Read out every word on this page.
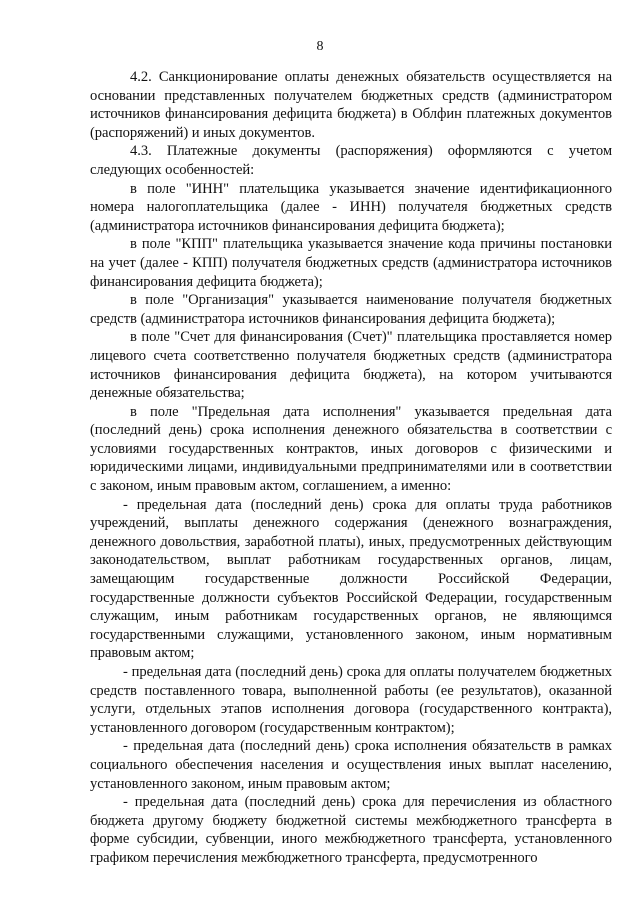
8

4.2. Санкционирование оплаты денежных обязательств осуществляется на основании представленных получателем бюджетных средств (администратором источников финансирования дефицита бюджета) в Облфин платежных документов (распоряжений) и иных документов.

4.3. Платежные документы (распоряжения) оформляются с учетом следующих особенностей:

в поле "ИНН" плательщика указывается значение идентификационного номера налогоплательщика (далее - ИНН) получателя бюджетных средств (администратора источников финансирования дефицита бюджета);

в поле "КПП" плательщика указывается значение кода причины постановки на учет (далее - КПП) получателя бюджетных средств (администратора источников финансирования дефицита бюджета);

в поле "Организация" указывается наименование получателя бюджетных средств (администратора источников финансирования дефицита бюджета);

в поле "Счет для финансирования (Счет)" плательщика проставляется номер лицевого счета соответственно получателя бюджетных средств (администратора источников финансирования дефицита бюджета), на котором учитываются денежные обязательства;

в поле "Предельная дата исполнения" указывается предельная дата (последний день) срока исполнения денежного обязательства в соответствии с условиями государственных контрактов, иных договоров с физическими и юридическими лицами, индивидуальными предпринимателями или в соответствии с законом, иным правовым актом, соглашением, а именно:

- предельная дата (последний день) срока для оплаты труда работников учреждений, выплаты денежного содержания (денежного вознаграждения, денежного довольствия, заработной платы), иных, предусмотренных действующим законодательством, выплат работникам государственных органов, лицам, замещающим государственные должности Российской Федерации, государственные должности субъектов Российской Федерации, государственным служащим, иным работникам государственных органов, не являющимся государственными служащими, установленного законом, иным нормативным правовым актом;

- предельная дата (последний день) срока для оплаты получателем бюджетных средств поставленного товара, выполненной работы (ее результатов), оказанной услуги, отдельных этапов исполнения договора (государственного контракта), установленного договором (государственным контрактом);

- предельная дата (последний день) срока исполнения обязательств в рамках социального обеспечения населения и осуществления иных выплат населению, установленного законом, иным правовым актом;

- предельная дата (последний день) срока для перечисления из областного бюджета другому бюджету бюджетной системы межбюджетного трансферта в форме субсидии, субвенции, иного межбюджетного трансферта, установленного графиком перечисления межбюджетного трансферта, предусмотренного
